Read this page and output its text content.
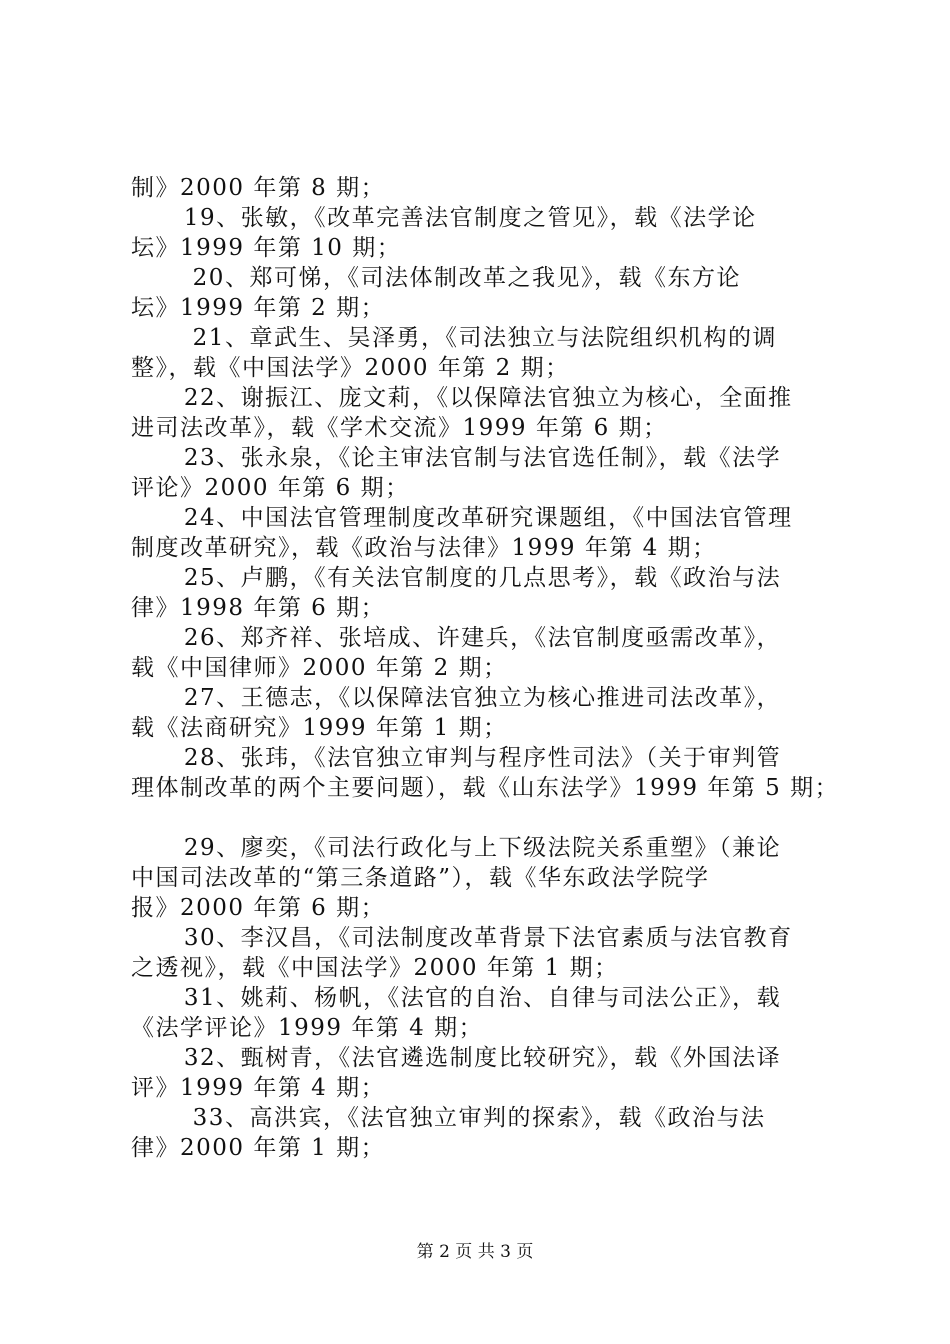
制》2000 年第 8 期；
19、张敏，《改革完善法官制度之管见》，载《法学论
坛》1999 年第 10 期；
20、郑可悌，《司法体制改革之我见》，载《东方论
坛》1999 年第 2 期；
21、章武生、吴泽勇，《司法独立与法院组织机构的调
整》，载《中国法学》2000 年第 2 期；
22、谢振江、庞文莉，《以保障法官独立为核心，全面推
进司法改革》，载《学术交流》1999 年第 6 期；
23、张永泉，《论主审法官制与法官选任制》，载《法学
评论》2000 年第 6 期；
24、中国法官管理制度改革研究课题组，《中国法官管理
制度改革研究》，载《政治与法律》1999 年第 4 期；
25、卢鹏，《有关法官制度的几点思考》，载《政治与法
律》1998 年第 6 期；
26、郑齐祥、张培成、许建兵，《法官制度亟需改革》，
载《中国律师》2000 年第 2 期；
27、王德志，《以保障法官独立为核心推进司法改革》，
载《法商研究》1999 年第 1 期；
28、张玮，《法官独立审判与程序性司法》（关于审判管
理体制改革的两个主要问题），载《山东法学》1999 年第 5 期；
29、廖奕，《司法行政化与上下级法院关系重塑》（兼论
中国司法改革的“第三条道路”），载《华东政法学院学
报》2000 年第 6 期；
30、李汉昌，《司法制度改革背景下法官素质与法官教育
之透视》，载《中国法学》2000 年第 1 期；
31、姚莉、杨帆，《法官的自治、自律与司法公正》，载
《法学评论》1999 年第 4 期；
32、甄树青，《法官遴选制度比较研究》，载《外国法译
评》1999 年第 4 期；
33、高洪宾，《法官独立审判的探索》，载《政治与法
律》2000 年第 1 期；
第 2 页 共 3 页
